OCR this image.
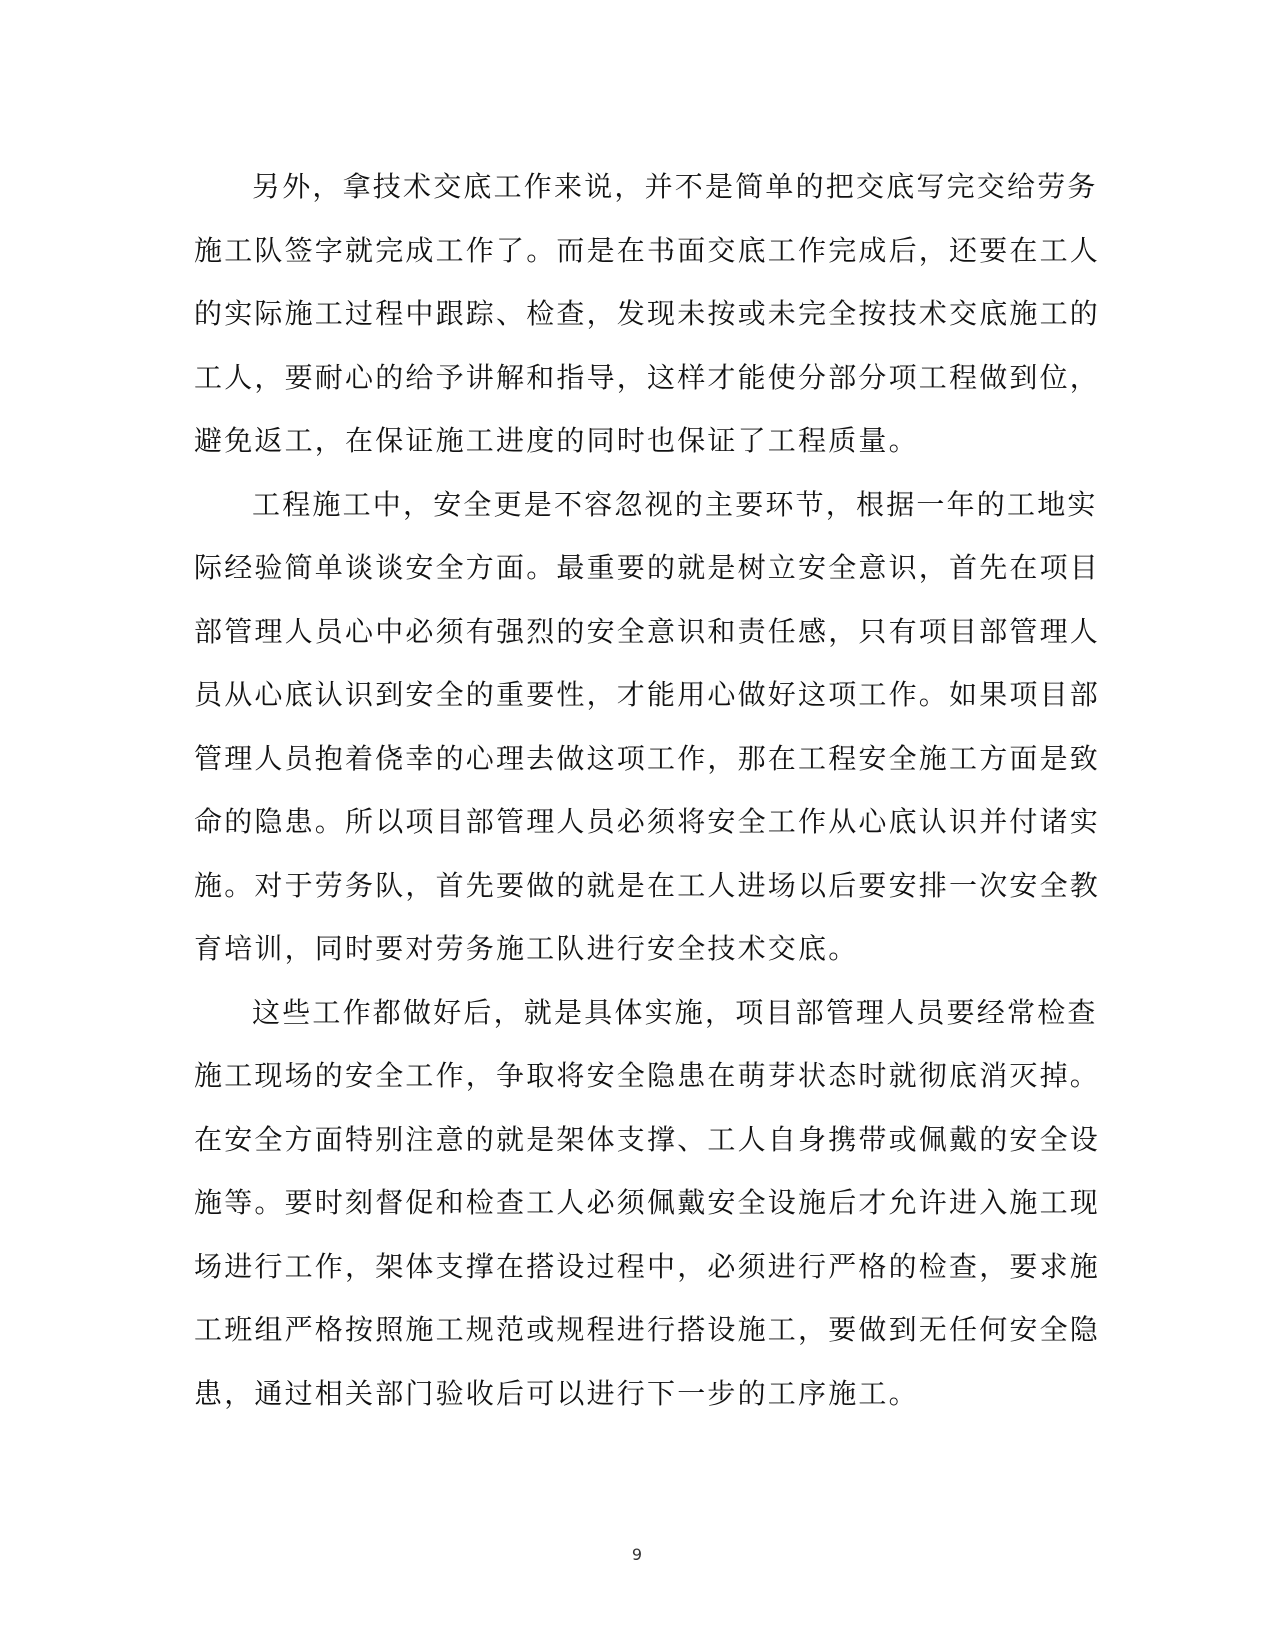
另外，拿技术交底工作来说，并不是简单的把交底写完交给劳务
施工队签字就完成工作了。而是在书面交底工作完成后，还要在工人
的实际施工过程中跟踪、检查，发现未按或未完全按技术交底施工的
工人，要耐心的给予讲解和指导，这样才能使分部分项工程做到位，
避免返工，在保证施工进度的同时也保证了工程质量。
工程施工中，安全更是不容忽视的主要环节，根据一年的工地实
际经验简单谈谈安全方面。最重要的就是树立安全意识，首先在项目
部管理人员心中必须有强烈的安全意识和责任感，只有项目部管理人
员从心底认识到安全的重要性，才能用心做好这项工作。如果项目部
管理人员抱着侥幸的心理去做这项工作，那在工程安全施工方面是致
命的隐患。所以项目部管理人员必须将安全工作从心底认识并付诸实
施。对于劳务队，首先要做的就是在工人进场以后要安排一次安全教
育培训，同时要对劳务施工队进行安全技术交底。
这些工作都做好后，就是具体实施，项目部管理人员要经常检查
施工现场的安全工作，争取将安全隐患在萌芽状态时就彻底消灭掉。
在安全方面特别注意的就是架体支撑、工人自身携带或佩戴的安全设
施等。要时刻督促和检查工人必须佩戴安全设施后才允许进入施工现
场进行工作，架体支撑在搭设过程中，必须进行严格的检查，要求施
工班组严格按照施工规范或规程进行搭设施工，要做到无任何安全隐
患，通过相关部门验收后可以进行下一步的工序施工。
9
